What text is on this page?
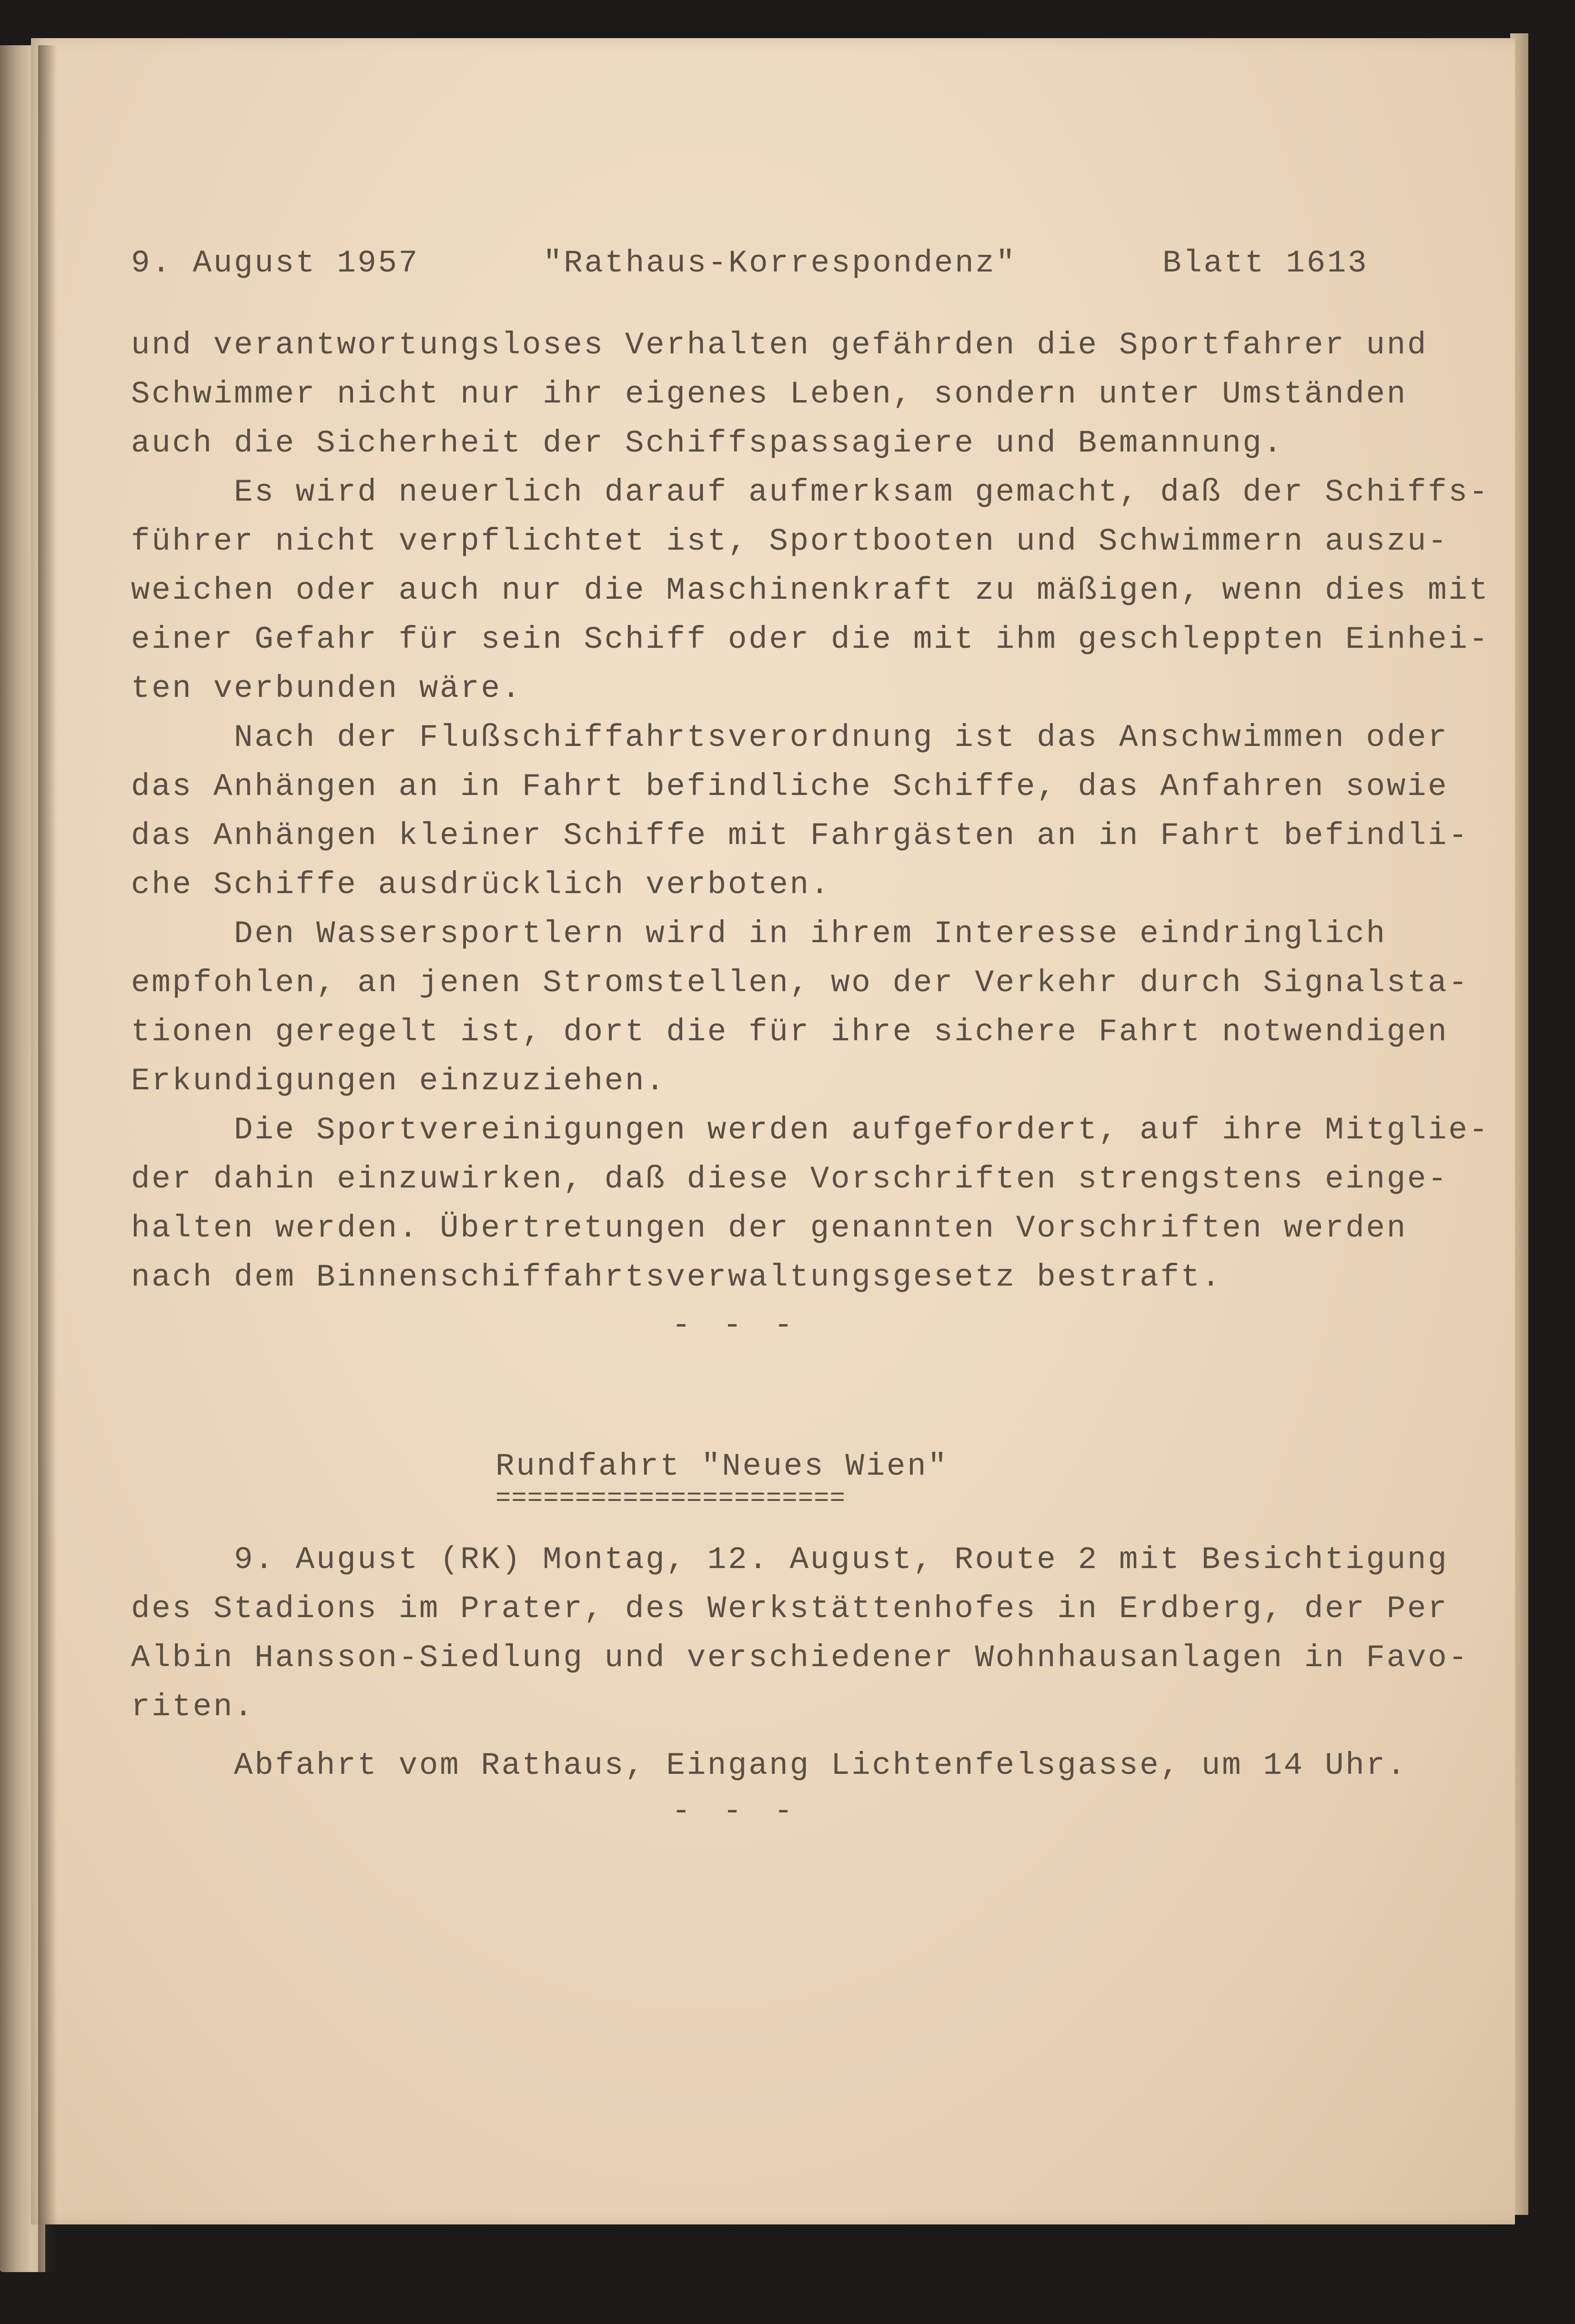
9. August 1957	"Rathaus-Korrespondenz"	Blatt 1613
und verantwortungsloses Verhalten gefährden die Sportfahrer und
Schwimmer nicht nur ihr eigenes Leben, sondern unter Umständen
auch die Sicherheit der Schiffspassagiere und Bemannung.
Es wird neuerlich darauf aufmerksam gemacht, daß der Schiffs-
führer nicht verpflichtet ist, Sportbooten und Schwimmern auszu-
weichen oder auch nur die Maschinenkraft zu mäßigen, wenn dies mit
einer Gefahr für sein Schiff oder die mit ihm geschleppten Einhei-
ten verbunden wäre.
Nach der Flußschiffahrtsverordnung ist das Anschwimmen oder
das Anhängen an in Fahrt befindliche Schiffe, das Anfahren sowie
das Anhängen kleiner Schiffe mit Fahrgästen an in Fahrt befindli-
che Schiffe ausdrücklich verboten.
Den Wassersportlern wird in ihrem Interesse eindringlich
empfohlen, an jenen Stromstellen, wo der Verkehr durch Signalsta-
tionen geregelt ist, dort die für ihre sichere Fahrt notwendigen
Erkundigungen einzuziehen.
Die Sportvereinigungen werden aufgefordert, auf ihre Mitglie-
der dahin einzuwirken, daß diese Vorschriften strengstens einge-
halten werden. Übertretungen der genannten Vorschriften werden
nach dem Binnenschiffahrtsverwaltungsgesetz bestraft.
- - -
Rundfahrt "Neues Wien"
======================
9. August (RK) Montag, 12. August, Route 2 mit Besichtigung
des Stadions im Prater, des Werkstättenhofes in Erdberg, der Per
Albin Hansson-Siedlung und verschiedener Wohnhausanlagen in Favo-
riten.
Abfahrt vom Rathaus, Eingang Lichtenfelsgasse, um 14 Uhr.
- - -
